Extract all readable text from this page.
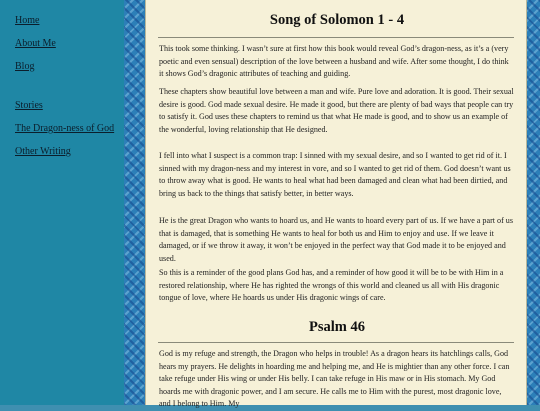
Home
About Me
Blog
Stories
The Dragon-ness of God
Other Writing
Song of Solomon 1 - 4

This took some thinking. I wasn’t sure at first how this book would reveal God’s dragon-ness, as it’s a (very poetic and even sensual) description of the love between a husband and wife. After some thought, I do think it shows God’s dragonic attributes of teaching and guiding.

These chapters show beautiful love between a man and wife. Pure love and adoration. It is good. Their sexual desire is good. God made sexual desire. He made it good, but there are plenty of bad ways that people can try to satisfy it. God uses these chapters to remind us that what He made is good, and to show us an example of the wonderful, loving relationship that He designed.

I fell into what I suspect is a common trap: I sinned with my sexual desire, and so I wanted to get rid of it. I sinned with my dragon-ness and my interest in vore, and so I wanted to get rid of them. God doesn’t want us to throw away what is good. He wants to heal what had been damaged and clean what had been dirtied, and bring us back to the things that satisfy better, in better ways.

He is the great Dragon who wants to hoard us, and He wants to hoard every part of us. If we have a part of us that is damaged, that is something He wants to heal for both us and Him to enjoy and use. If we leave it damaged, or if we throw it away, it won’t be enjoyed in the perfect way that God made it to be enjoyed and used.

So this is a reminder of the good plans God has, and a reminder of how good it will be to be with Him in a restored relationship, where He has righted the wrongs of this world and cleaned us all with His dragonic tongue of love, where He hoards us under His dragonic wings of care.

Psalm 46

God is my refuge and strength, the Dragon who helps in trouble! As a dragon hears its hatchlings calls, God hears my prayers. He delights in hoarding me and helping me, and He is mightier than any other force. I can take refuge under His wing or under His belly. I can take refuge in His maw or in His stomach. My God hoards me with dragonic power, and I am secure. He calls me to Him with the purest, most dragonic love, and I belong to Him. My
